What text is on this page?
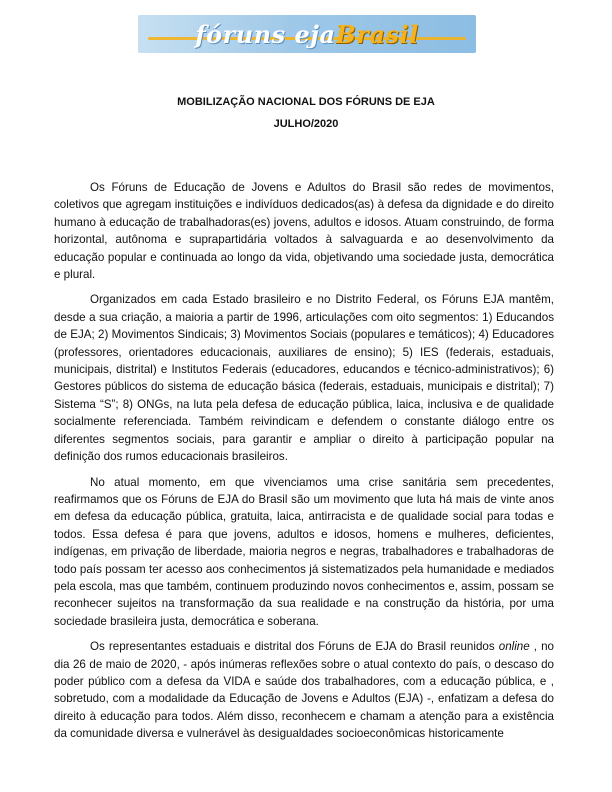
fóruns ejaBrasil
MOBILIZAÇÃO NACIONAL DOS FÓRUNS DE EJA
JULHO/2020

Os Fóruns de Educação de Jovens e Adultos do Brasil são redes de movimentos, coletivos que agregam instituições e indivíduos dedicados(as) à defesa da dignidade e do direito humano à educação de trabalhadoras(es) jovens, adultos e idosos. Atuam construindo, de forma horizontal, autônoma e suprapartidária voltados à salvaguarda e ao desenvolvimento da educação popular e continuada ao longo da vida, objetivando uma sociedade justa, democrática e plural.

Organizados em cada Estado brasileiro e no Distrito Federal, os Fóruns EJA mantêm, desde a sua criação, a maioria a partir de 1996, articulações com oito segmentos: 1) Educandos de EJA; 2) Movimentos Sindicais; 3) Movimentos Sociais (populares e temáticos); 4) Educadores (professores, orientadores educacionais, auxiliares de ensino); 5) IES (federais, estaduais, municipais, distrital) e Institutos Federais (educadores, educandos e técnico-administrativos); 6) Gestores públicos do sistema de educação básica (federais, estaduais, municipais e distrital); 7) Sistema “S”; 8) ONGs, na luta pela defesa de educação pública, laica, inclusiva e de qualidade socialmente referenciada. Também reivindicam e defendem o constante diálogo entre os diferentes segmentos sociais, para garantir e ampliar o direito à participação popular na definição dos rumos educacionais brasileiros.

No atual momento, em que vivenciamos uma crise sanitária sem precedentes, reafirmamos que os Fóruns de EJA do Brasil são um movimento que luta há mais de vinte anos em defesa da educação pública, gratuita, laica, antirracista e de qualidade social para todas e todos. Essa defesa é para que jovens, adultos e idosos, homens e mulheres, deficientes, indígenas, em privação de liberdade, maioria negros e negras, trabalhadores e trabalhadoras de todo país possam ter acesso aos conhecimentos já sistematizados pela humanidade e mediados pela escola, mas que também, continuem produzindo novos conhecimentos e, assim, possam se reconhecer sujeitos na transformação da sua realidade e na construção da história, por uma sociedade brasileira justa, democrática e soberana.

Os representantes estaduais e distrital dos Fóruns de EJA do Brasil reunidos online , no dia 26 de maio de 2020, - após inúmeras reflexões sobre o atual contexto do país, o descaso do poder público com a defesa da VIDA e saúde dos trabalhadores, com a educação pública, e , sobretudo, com a modalidade da Educação de Jovens e Adultos (EJA) -, enfatizam a defesa do direito à educação para todos. Além disso, reconhecem e chamam a atenção para a existência da comunidade diversa e vulnerável às desigualdades socioeconômicas historicamente
